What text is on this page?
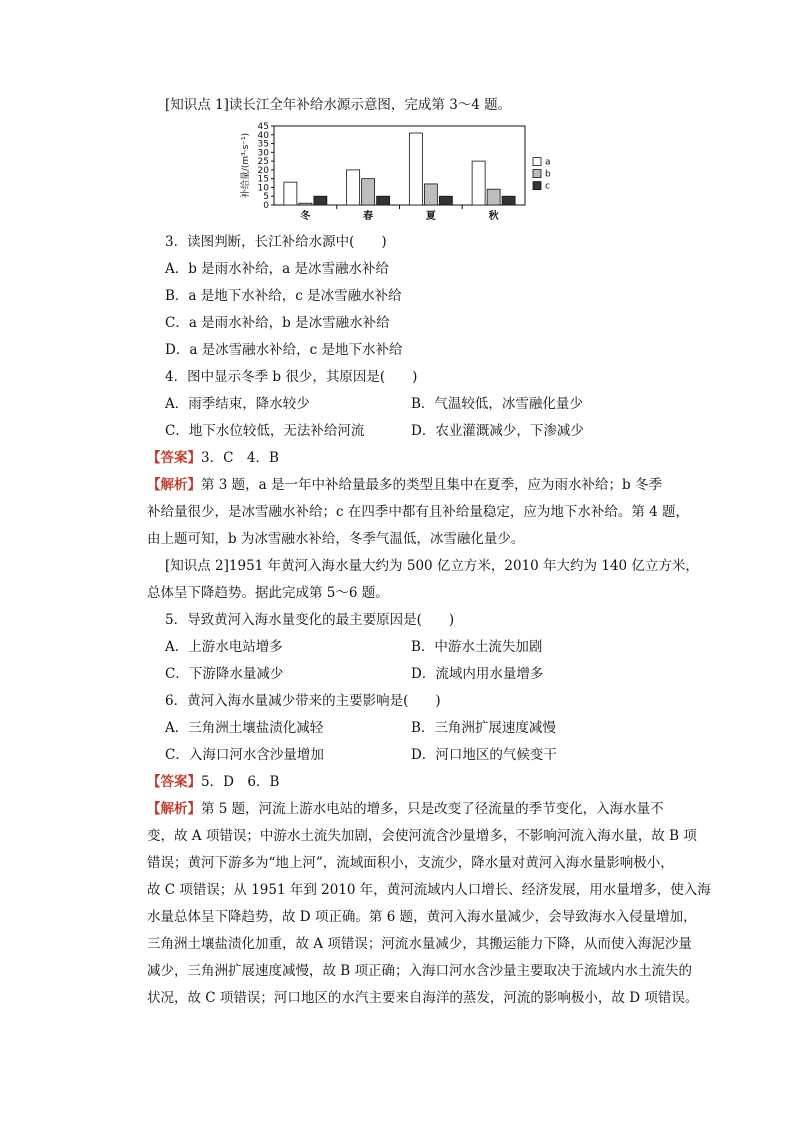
[知识点 1]读长江全年补给水源示意图，完成第 3～4 题。
补给量/(m³·s⁻¹)
0
5
10
15
20
25
30
35
40
45
冬	春	夏	秋
a
b
c
3．读图判断，长江补给水源中(　　)
A．b 是雨水补给，a 是冰雪融水补给
B．a 是地下水补给，c 是冰雪融水补给
C．a 是雨水补给，b 是冰雪融水补给
D．a 是冰雪融水补给，c 是地下水补给
4．图中显示冬季 b 很少，其原因是(　　)
A．雨季结束，降水较少	B．气温较低，冰雪融化量少
C．地下水位较低，无法补给河流	D．农业灌溉减少，下渗减少
【答案】3．C　4．B
【解析】第 3 题，a 是一年中补给量最多的类型且集中在夏季，应为雨水补给；b 冬季
补给量很少，是冰雪融水补给；c 在四季中都有且补给量稳定，应为地下水补给。第 4 题，
由上题可知，b 为冰雪融水补给，冬季气温低，冰雪融化量少。
[知识点 2]1951 年黄河入海水量大约为 500 亿立方米，2010 年大约为 140 亿立方米，
总体呈下降趋势。据此完成第 5～6 题。
5．导致黄河入海水量变化的最主要原因是(　　)
A．上游水电站增多	B．中游水土流失加剧
C．下游降水量减少	D．流域内用水量增多
6．黄河入海水量减少带来的主要影响是(　　)
A．三角洲土壤盐渍化减轻	B．三角洲扩展速度减慢
C．入海口河水含沙量增加	D．河口地区的气候变干
【答案】5．D　6．B
【解析】第 5 题，河流上游水电站的增多，只是改变了径流量的季节变化，入海水量不
变，故 A 项错误；中游水土流失加剧，会使河流含沙量增多，不影响河流入海水量，故 B 项
错误；黄河下游多为“地上河”，流域面积小，支流少，降水量对黄河入海水量影响极小，
故 C 项错误；从 1951 年到 2010 年，黄河流域内人口增长、经济发展，用水量增多，使入海
水量总体呈下降趋势，故 D 项正确。第 6 题，黄河入海水量减少，会导致海水入侵量增加，
三角洲土壤盐渍化加重，故 A 项错误；河流水量减少，其搬运能力下降，从而使入海泥沙量
减少，三角洲扩展速度减慢，故 B 项正确；入海口河水含沙量主要取决于流域内水土流失的
状况，故 C 项错误；河口地区的水汽主要来自海洋的蒸发，河流的影响极小，故 D 项错误。
